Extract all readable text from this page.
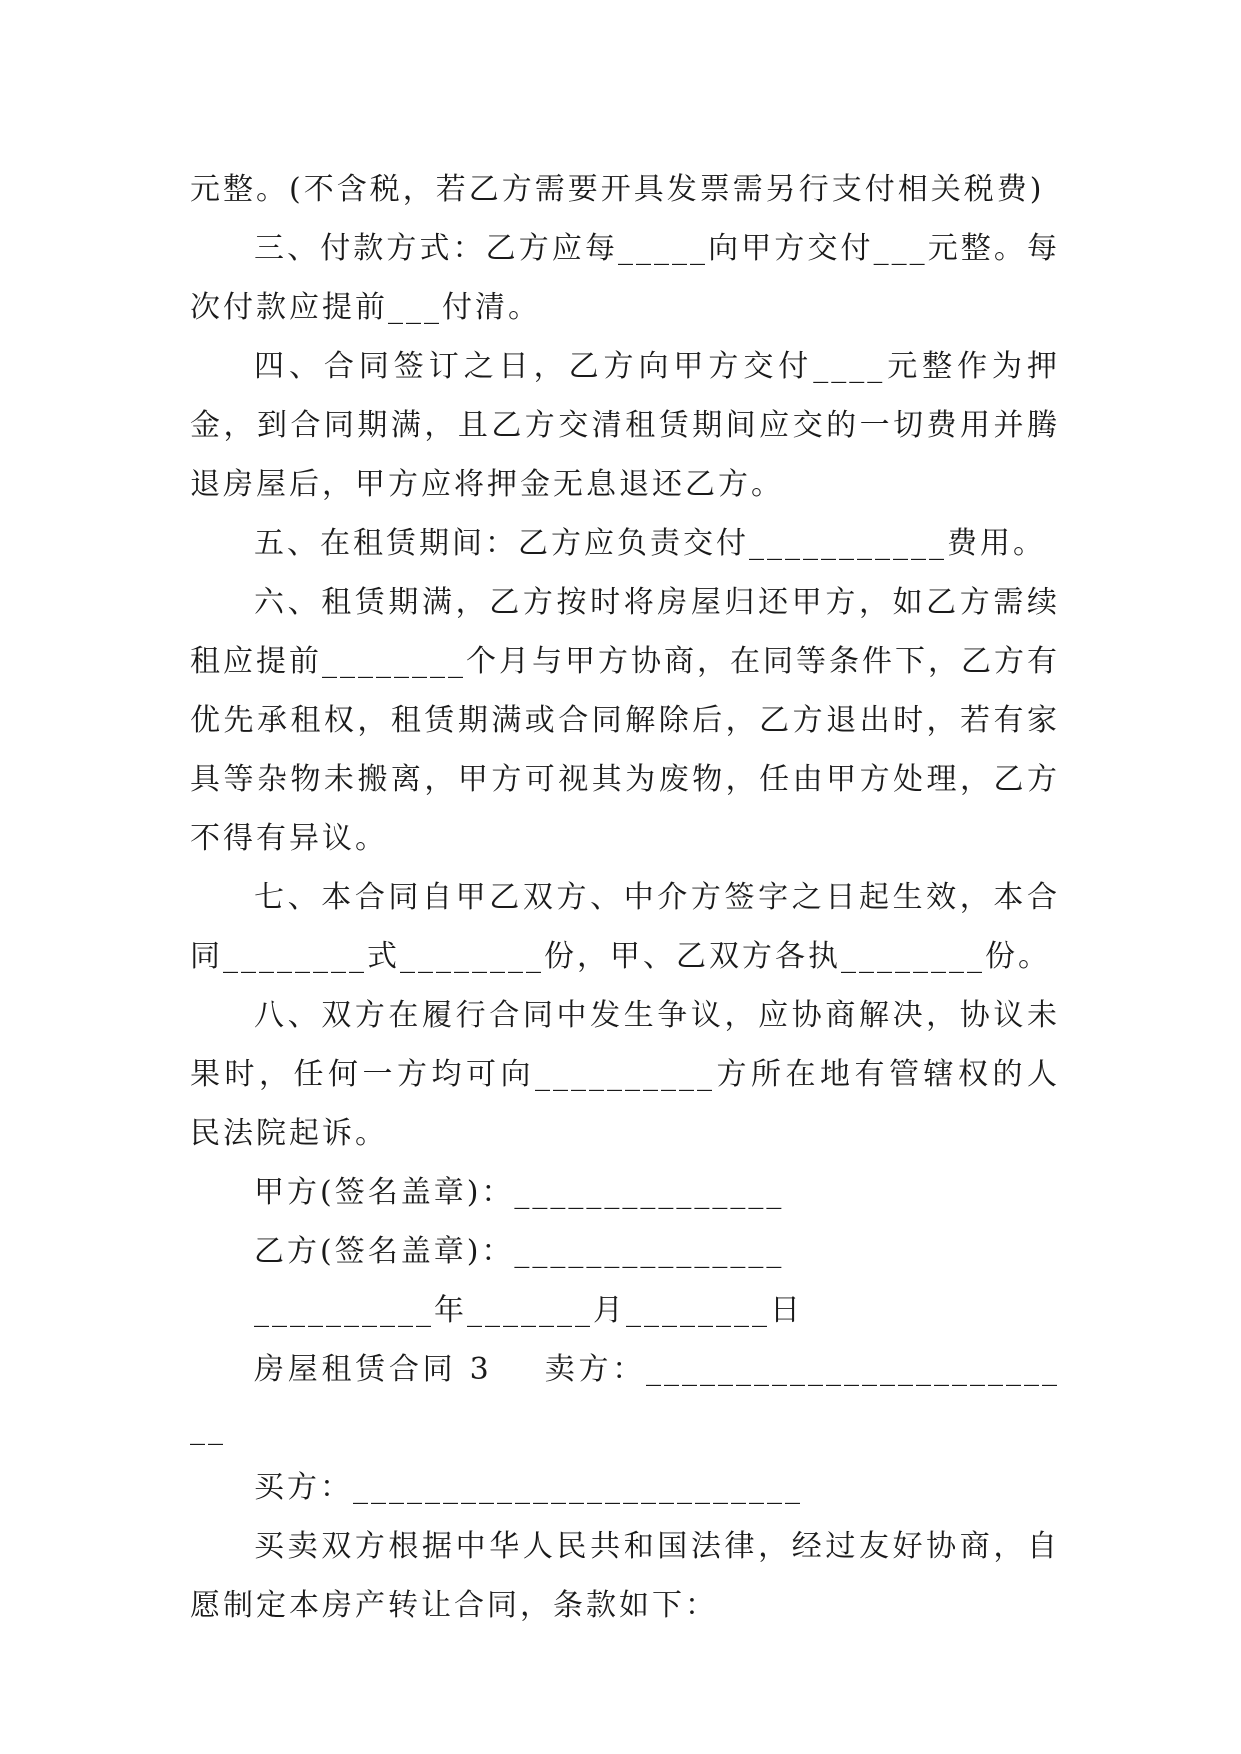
元整。(不含税，若乙方需要开具发票需另行支付相关税费)

三、付款方式：乙方应每_____向甲方交付___元整。每次付款应提前___付清。

四、合同签订之日，乙方向甲方交付____元整作为押金，到合同期满，且乙方交清租赁期间应交的一切费用并腾退房屋后，甲方应将押金无息退还乙方。

五、在租赁期间：乙方应负责交付___________费用。

六、租赁期满，乙方按时将房屋归还甲方，如乙方需续租应提前________个月与甲方协商，在同等条件下，乙方有优先承租权，租赁期满或合同解除后，乙方退出时，若有家具等杂物未搬离，甲方可视其为废物，任由甲方处理，乙方不得有异议。

七、本合同自甲乙双方、中介方签字之日起生效，本合同________式________份，甲、乙双方各执________份。

八、双方在履行合同中发生争议，应协商解决，协议未果时，任何一方均可向__________方所在地有管辖权的人民法院起诉。

甲方(签名盖章)：_______________

乙方(签名盖章)：_______________

__________年_______月________日

房屋租赁合同 3    卖方：_________________________

买方：_________________________

买卖双方根据中华人民共和国法律，经过友好协商，自愿制定本房产转让合同，条款如下：
